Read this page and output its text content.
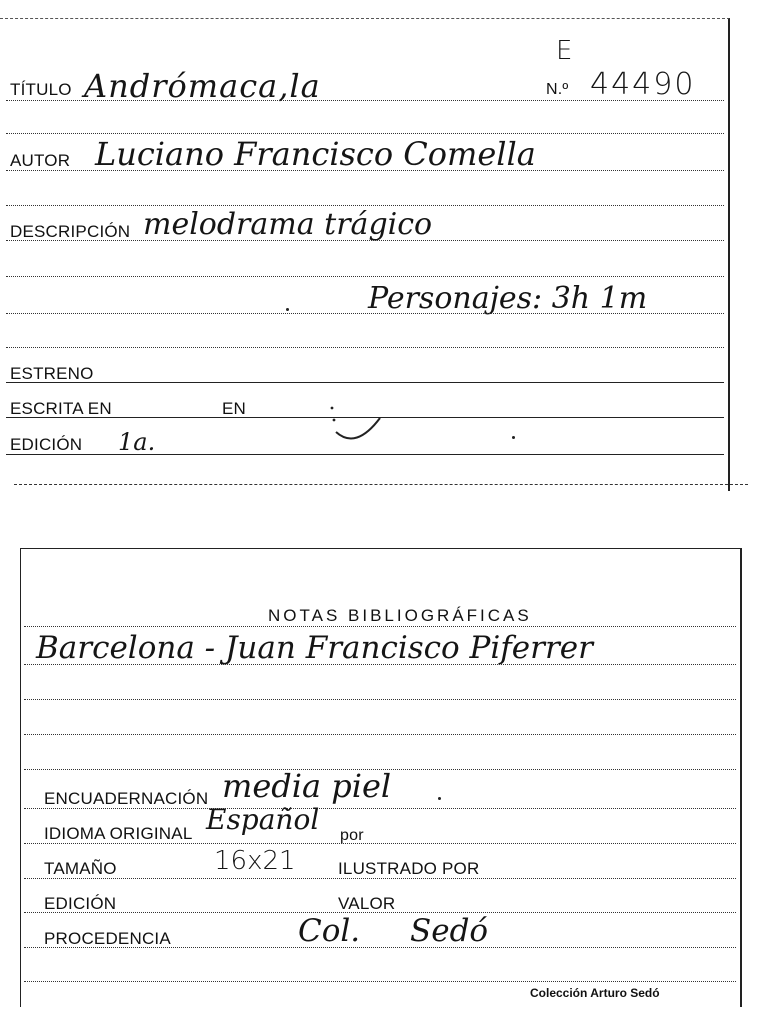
E
TÍTULO Andrómaca,la	N.º 44490
AUTOR Luciano Francisco Comella
DESCRIPCIÓN melodrama trágico
Personajes: 3h 1m
ESTRENO
ESCRITA EN	EN
EDICIÓN 1a.
NOTAS BIBLIOGRÁFICAS
Barcelona - Juan Francisco Piferrer
ENCUADERNACIÓN media piel
IDIOMA ORIGINAL Español por
TAMAÑO	16x21 ILUSTRADO POR
EDICIÓN	VALOR
PROCEDENCIA	Col. Sedó
Colección Arturo Sedó
